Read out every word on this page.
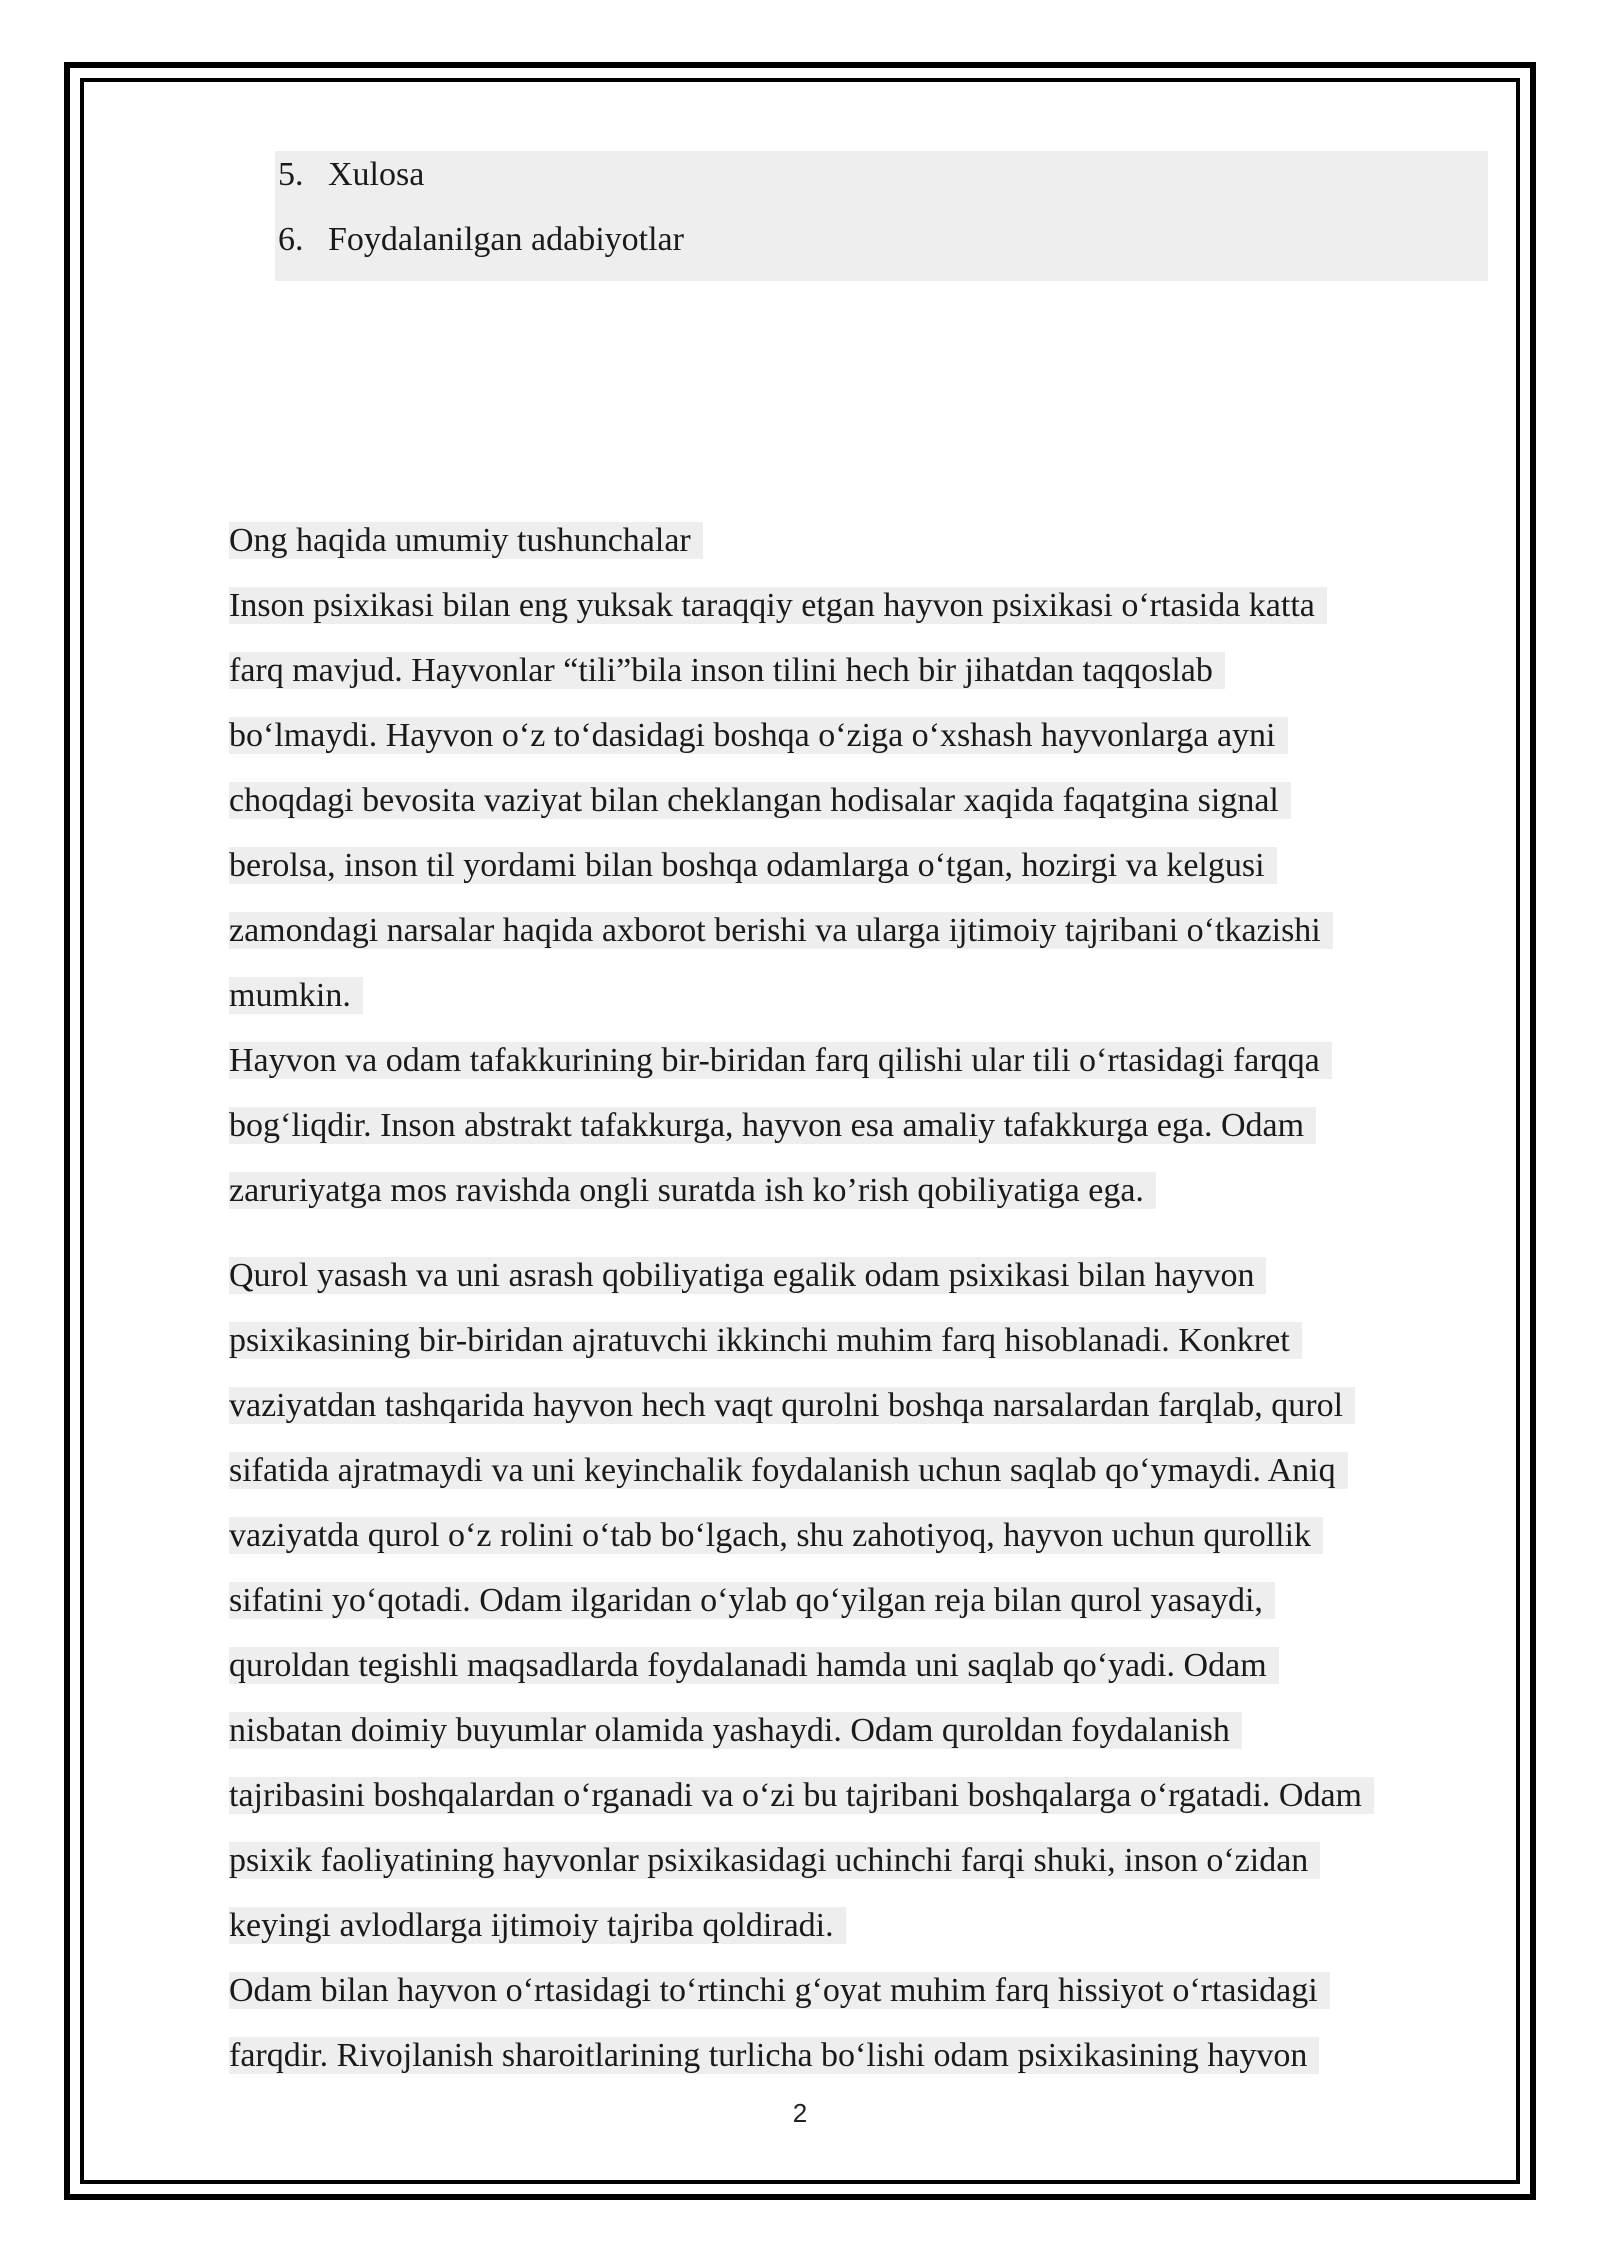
5. Xulosa
6. Foydalanilgan adabiyotlar
Ong haqida umumiy tushunchalar
Inson psixikasi bilan eng yuksak taraqqiy etgan hayvon psixikasi o‘rtasida katta
farq mavjud. Hayvonlar “tili”bila inson tilini hech bir jihatdan taqqoslab
bo‘lmaydi. Hayvon o‘z to‘dasidagi boshqa o‘ziga o‘xshash hayvonlarga ayni
choqdagi bevosita vaziyat bilan cheklangan hodisalar xaqida faqatgina signal
berolsa, inson til yordami bilan boshqa odamlarga o‘tgan, hozirgi va kelgusi
zamondagi narsalar haqida axborot berishi va ularga ijtimoiy tajribani o‘tkazishi
mumkin.
Hayvon va odam tafakkurining bir-biridan farq qilishi ular tili o‘rtasidagi farqqa
bog‘liqdir. Inson abstrakt tafakkurga, hayvon esa amaliy tafakkurga ega. Odam
zaruriyatga mos ravishda ongli suratda ish ko’rish qobiliyatiga ega.
Qurol yasash va uni asrash qobiliyatiga egalik odam psixikasi bilan hayvon
psixikasining bir-biridan ajratuvchi ikkinchi muhim farq hisoblanadi. Konkret
vaziyatdan tashqarida hayvon hech vaqt qurolni boshqa narsalardan farqlab, qurol
sifatida ajratmaydi va uni keyinchalik foydalanish uchun saqlab qo‘ymaydi. Aniq
vaziyatda qurol o‘z rolini o‘tab bo‘lgach, shu zahotiyoq, hayvon uchun qurollik
sifatini yo‘qotadi. Odam ilgaridan o‘ylab qo‘yilgan reja bilan qurol yasaydi,
quroldan tegishli maqsadlarda foydalanadi hamda uni saqlab qo‘yadi. Odam
nisbatan doimiy buyumlar olamida yashaydi. Odam quroldan foydalanish
tajribasini boshqalardan o‘rganadi va o‘zi bu tajribani boshqalarga o‘rgatadi. Odam
psixik faoliyatining hayvonlar psixikasidagi uchinchi farqi shuki, inson o‘zidan
keyingi avlodlarga ijtimoiy tajriba qoldiradi.
Odam bilan hayvon o‘rtasidagi to‘rtinchi g‘oyat muhim farq hissiyot o‘rtasidagi
farqdir. Rivojlanish sharoitlarining turlicha bo‘lishi odam psixikasining hayvon
2
